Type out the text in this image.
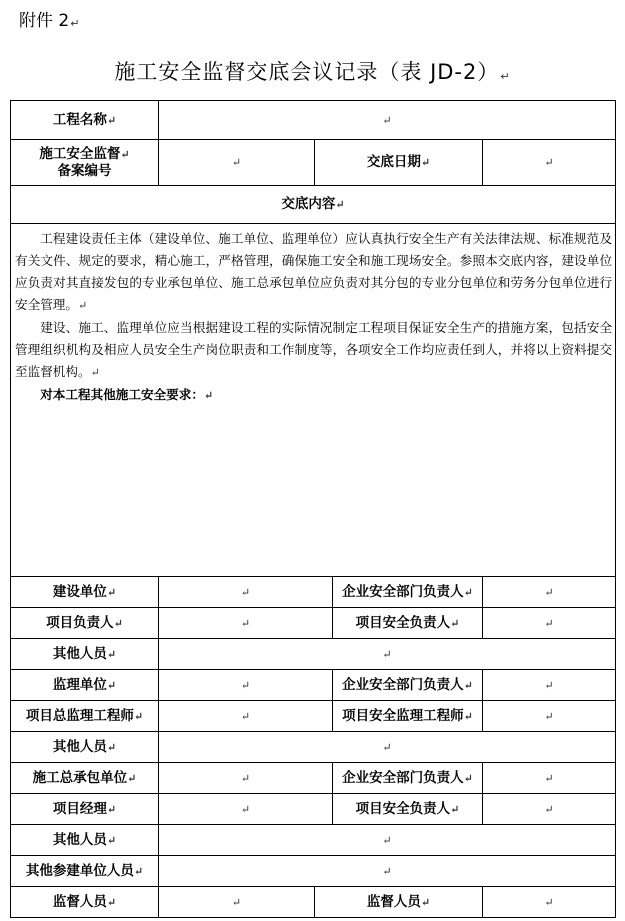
附件 2↵
施工安全监督交底会议记录（表 JD-2）↵
工程名称↵	↵			
施工安全监督↵
备案编号	↵	交底日期↵		↵
交底内容↵				

工程建设责任主体（建设单位、施工单位、监理单位）应认真执行安全生产有关法律法规、标准规范及有关文件、规定的要求，精心施工，严格管理，确保施工安全和施工现场安全。参照本交底内容，建设单位应负责对其直接发包的专业承包单位、施工总承包单位应负责对其分包的专业分包单位和劳务分包单位进行安全管理。↵

建设、施工、监理单位应当根据建设工程的实际情况制定工程项目保证安全生产的措施方案，包括安全管理组织机构及相应人员安全生产岗位职责和工作制度等，各项安全工作均应责任到人，并将以上资料提交至监督机构。↵

对本工程其他施工安全要求：↵				

建设单位↵	↵		企业安全部门负责人↵	↵
项目负责人↵	↵		项目安全负责人↵	↵
其他人员↵	↵			
监理单位↵	↵		企业安全部门负责人↵	↵
项目总监理工程师↵	↵		项目安全监理工程师↵	↵
其他人员↵	↵			
施工总承包单位↵	↵		企业安全部门负责人↵	↵
项目经理↵	↵		项目安全负责人↵	↵
其他人员↵	↵			
其他参建单位人员↵	↵			
监督人员↵	↵	监督人员↵		↵
